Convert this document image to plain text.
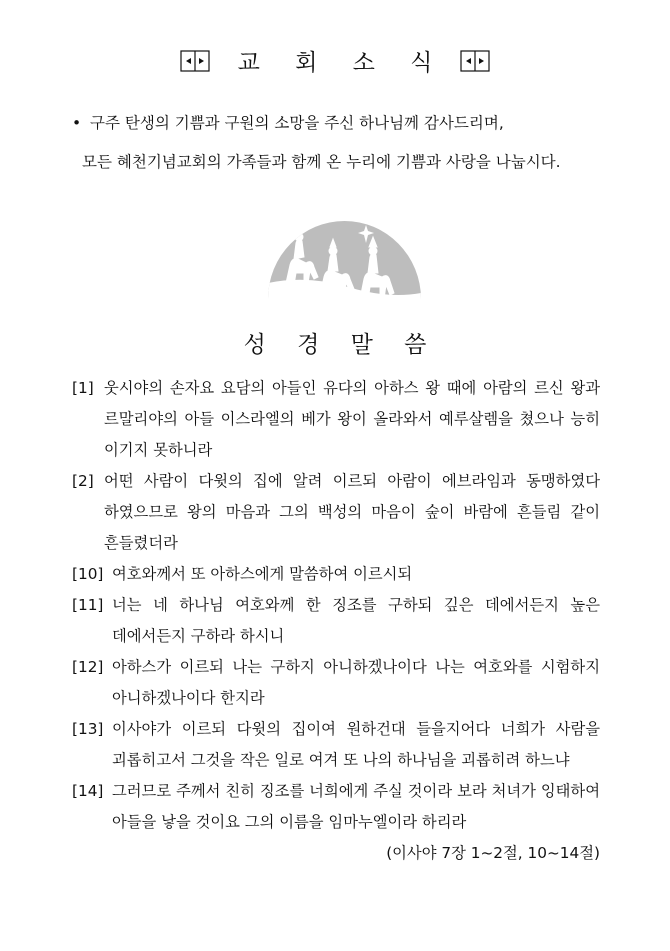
교 회 소 식
• 구주 탄생의 기쁨과 구원의 소망을 주신 하나님께 감사드리며,
모든 혜천기념교회의 가족들과 함께 온 누리에 기쁨과 사랑을 나눕시다.
성 경 말 씀
[1] 웃시야의 손자요 요담의 아들인 유다의 아하스 왕 때에 아람의 르신 왕과 르말리야의 아들 이스라엘의 베가 왕이 올라와서 예루살렘을 쳤으나 능히 이기지 못하니라
[2] 어떤 사람이 다윗의 집에 알려 이르되 아람이 에브라임과 동맹하였다 하였으므로 왕의 마음과 그의 백성의 마음이 숲이 바람에 흔들림 같이 흔들렸더라
[10] 여호와께서 또 아하스에게 말씀하여 이르시되
[11] 너는 네 하나님 여호와께 한 징조를 구하되 깊은 데에서든지 높은 데에서든지 구하라 하시니
[12] 아하스가 이르되 나는 구하지 아니하겠나이다 나는 여호와를 시험하지 아니하겠나이다 한지라
[13] 이사야가 이르되 다윗의 집이여 원하건대 들을지어다 너희가 사람을 괴롭히고서 그것을 작은 일로 여겨 또 나의 하나님을 괴롭히려 하느냐
[14] 그러므로 주께서 친히 징조를 너희에게 주실 것이라 보라 처녀가 잉태하여 아들을 낳을 것이요 그의 이름을 임마누엘이라 하리라
(이사야 7장 1~2절, 10~14절)
